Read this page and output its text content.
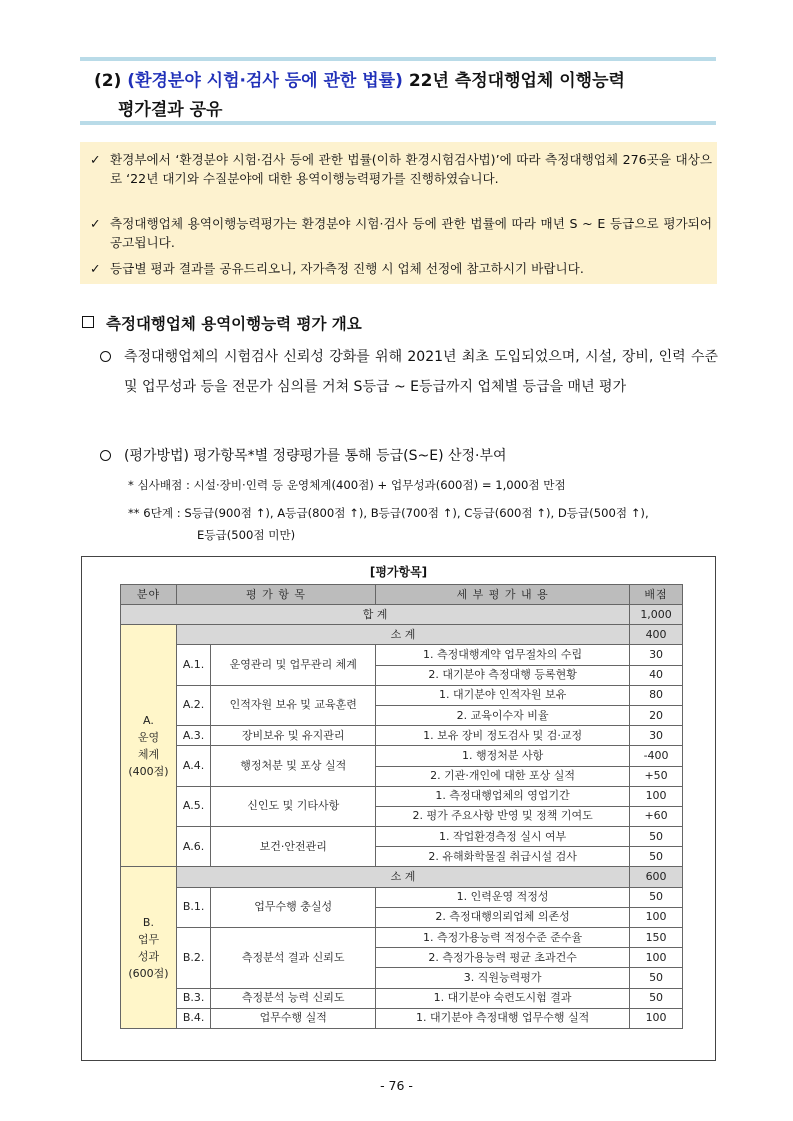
(2) (환경분야 시험·검사 등에 관한 법률) 22년 측정대행업체 이행능력
평가결과 공유
✓ 환경부에서 ‘환경분야 시험·검사 등에 관한 법률(이하 환경시험검사법)’에 따라 측정대행업체 276곳을 대상으로 ‘22년 대기와 수질분야에 대한 용역이행능력평가를 진행하였습니다.
✓ 측정대행업체 용역이행능력평가는 환경분야 시험·검사 등에 관한 법률에 따라 매년 S ~ E 등급으로 평가되어 공고됩니다.
✓ 등급별 평과 결과를 공유드리오니, 자가측정 진행 시 업체 선정에 참고하시기 바랍니다.
측정대행업체 용역이행능력 평가 개요
측정대행업체의 시험검사 신뢰성 강화를 위해 2021년 최초 도입되었으며, 시설, 장비, 인력 수준 및 업무성과 등을 전문가 심의를 거쳐 S등급 ~ E등급까지 업체별 등급을 매년 평가
(평가방법) 평가항목*별 정량평가를 통해 등급(S~E) 산정·부여
* 심사배점 : 시설·장비·인력 등 운영체계(400점) + 업무성과(600점) = 1,000점 만점
** 6단계 : S등급(900점 ↑), A등급(800점 ↑), B등급(700점 ↑), C등급(600점 ↑), D등급(500점 ↑),
E등급(500점 미만)
[평가항목]
분야	평 가 항 목		세 부 평 가 내 용	배점
합 계				1,000

A.
운영
체계
(400점)	소 계			400
	A.1.	운영관리 및 업무관리 체계	1. 측정대행계약 업무절차의 수립	30
			2. 대기분야 측정대행 등록현황	40
	A.2.	인적자원 보유 및 교육훈련	1. 대기분야 인적자원 보유	80
			2. 교육이수자 비율	20
	A.3.	장비보유 및 유지관리	1. 보유 장비 정도검사 및 검·교정	30
	A.4.	행정처분 및 포상 실적	1. 행정처분 사항	-400
			2. 기관·개인에 대한 포상 실적	+50
	A.5.	신인도 및 기타사항	1. 측정대행업체의 영업기간	100
			2. 평가 주요사항 반영 및 정책 기여도	+60
	A.6.	보건·안전관리	1. 작업환경측정 실시 여부	50
			2. 유해화학물질 취급시설 검사	50

B.
업무
성과
(600점)	소 계			600
	B.1.	업무수행 충실성	1. 인력운영 적정성	50
			2. 측정대행의뢰업체 의존성	100
	B.2.	측정분석 결과 신뢰도	1. 측정가용능력 적정수준 준수율	150
			2. 측정가용능력 평균 초과건수	100
			3. 직원능력평가	50
	B.3.	측정분석 능력 신뢰도	1. 대기분야 숙련도시험 결과	50
	B.4.	업무수행 실적	1. 대기분야 측정대행 업무수행 실적	100
- 76 -
